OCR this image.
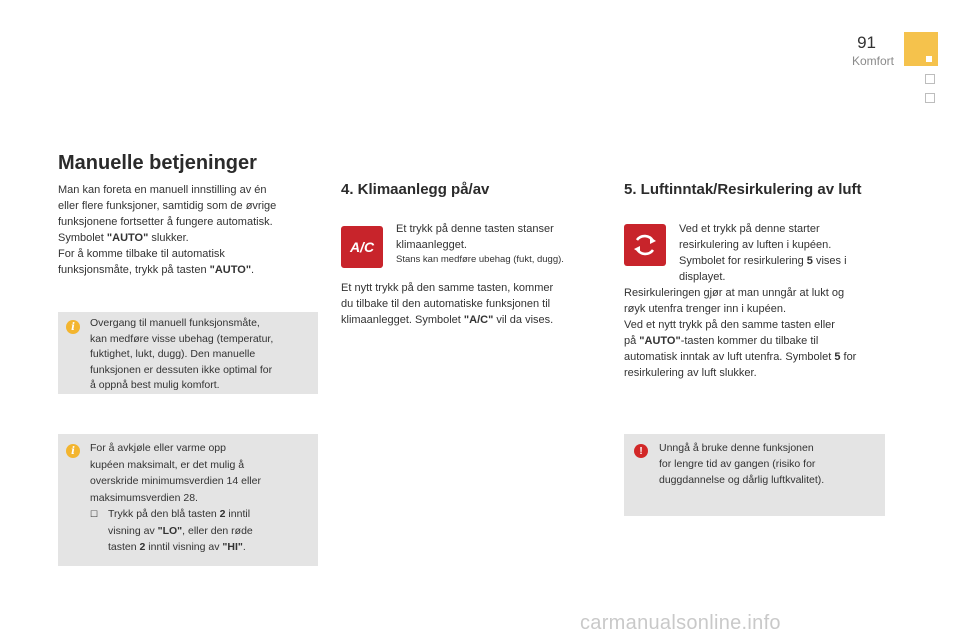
91
Komfort
Manuelle betjeninger
Man kan foreta en manuell innstilling av én
eller flere funksjoner, samtidig som de øvrige
funksjonene fortsetter å fungere automatisk.
Symbolet "AUTO" slukker.
For å komme tilbake til automatisk
funksjonsmåte, trykk på tasten "AUTO".
i	Overgang til manuell funksjonsmåte,
kan medføre visse ubehag (temperatur,
fuktighet, lukt, dugg). Den manuelle
funksjonen er dessuten ikke optimal for
å oppnå best mulig komfort.
i	For å avkjøle eller varme opp
kupéen maksimalt, er det mulig å
overskride minimumsverdien 14 eller
maksimumsverdien 28.
☐ Trykk på den blå tasten 2 inntil
visning av "LO", eller den røde
tasten 2 inntil visning av "HI".
4. Klimaanlegg på/av
A/C
Et trykk på denne tasten stanser
klimaanlegget.
Stans kan medføre ubehag (fukt, dugg).
Et nytt trykk på den samme tasten, kommer
du tilbake til den automatiske funksjonen til
klimaanlegget. Symbolet "A/C" vil da vises.
5. Luftinntak/Resirkulering av luft
Ved et trykk på denne starter
resirkulering av luften i kupéen.
Symbolet for resirkulering 5 vises i
displayet.
Resirkuleringen gjør at man unngår at lukt og
røyk utenfra trenger inn i kupéen.
Ved et nytt trykk på den samme tasten eller
på "AUTO"-tasten kommer du tilbake til
automatisk inntak av luft utenfra. Symbolet 5 for
resirkulering av luft slukker.
!	Unngå å bruke denne funksjonen
for lengre tid av gangen (risiko for
duggdannelse og dårlig luftkvalitet).
carmanualsonline.info
